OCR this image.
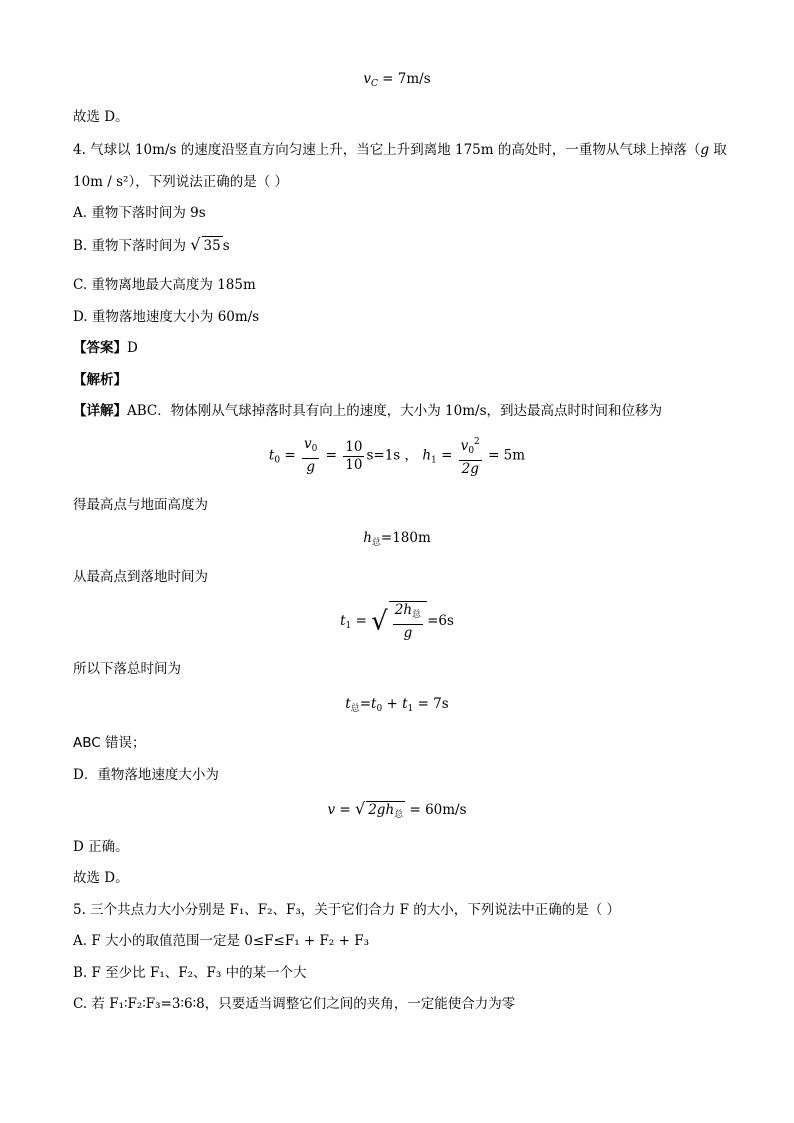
$v_C = 7m/s$
故选 D。
4. 气球以 10m/s 的速度沿竖直方向匀速上升，当它上升到离地 175m 的高处时，一重物从气球上掉落（g 取
10m / s²），下列说法正确的是（ ）
A. 重物下落时间为 9s
B. 重物下落时间为 √ 35 s
C. 重物离地最大高度为 185m
D. 重物落地速度大小为 60m/s
【答案】D
【解析】
【详解】ABC．物体刚从气球掉落时具有向上的速度，大小为 10m/s，到达最高点时时间和位移为
$t_0 = \frac{v_0}{g} = \frac{10}{10} s=1s$ ， $h_1 = \frac{v_0^2}{2g} = 5m$
得最高点与地面高度为
$h_总=180m$
从最高点到落地时间为
$t_1$ = √ $\frac{2h_总}{g} =6s$
所以下落总时间为
$t_总=t_0 + t_1 = 7s$
ABC 错误；
D．重物落地速度大小为
v = √ $2gh_总 = 60m/s$
D 正确。
故选 D。
5. 三个共点力大小分别是 F₁、F₂、F₃，关于它们合力 F 的大小，下列说法中正确的是（ ）
A. F 大小的取值范围一定是 0≤F≤F₁ + F₂ + F₃
B. F 至少比 F₁、F₂、F₃ 中的某一个大
C. 若 F₁∶F₂∶F₃=3∶6∶8，只要适当调整它们之间的夹角，一定能使合力为零
